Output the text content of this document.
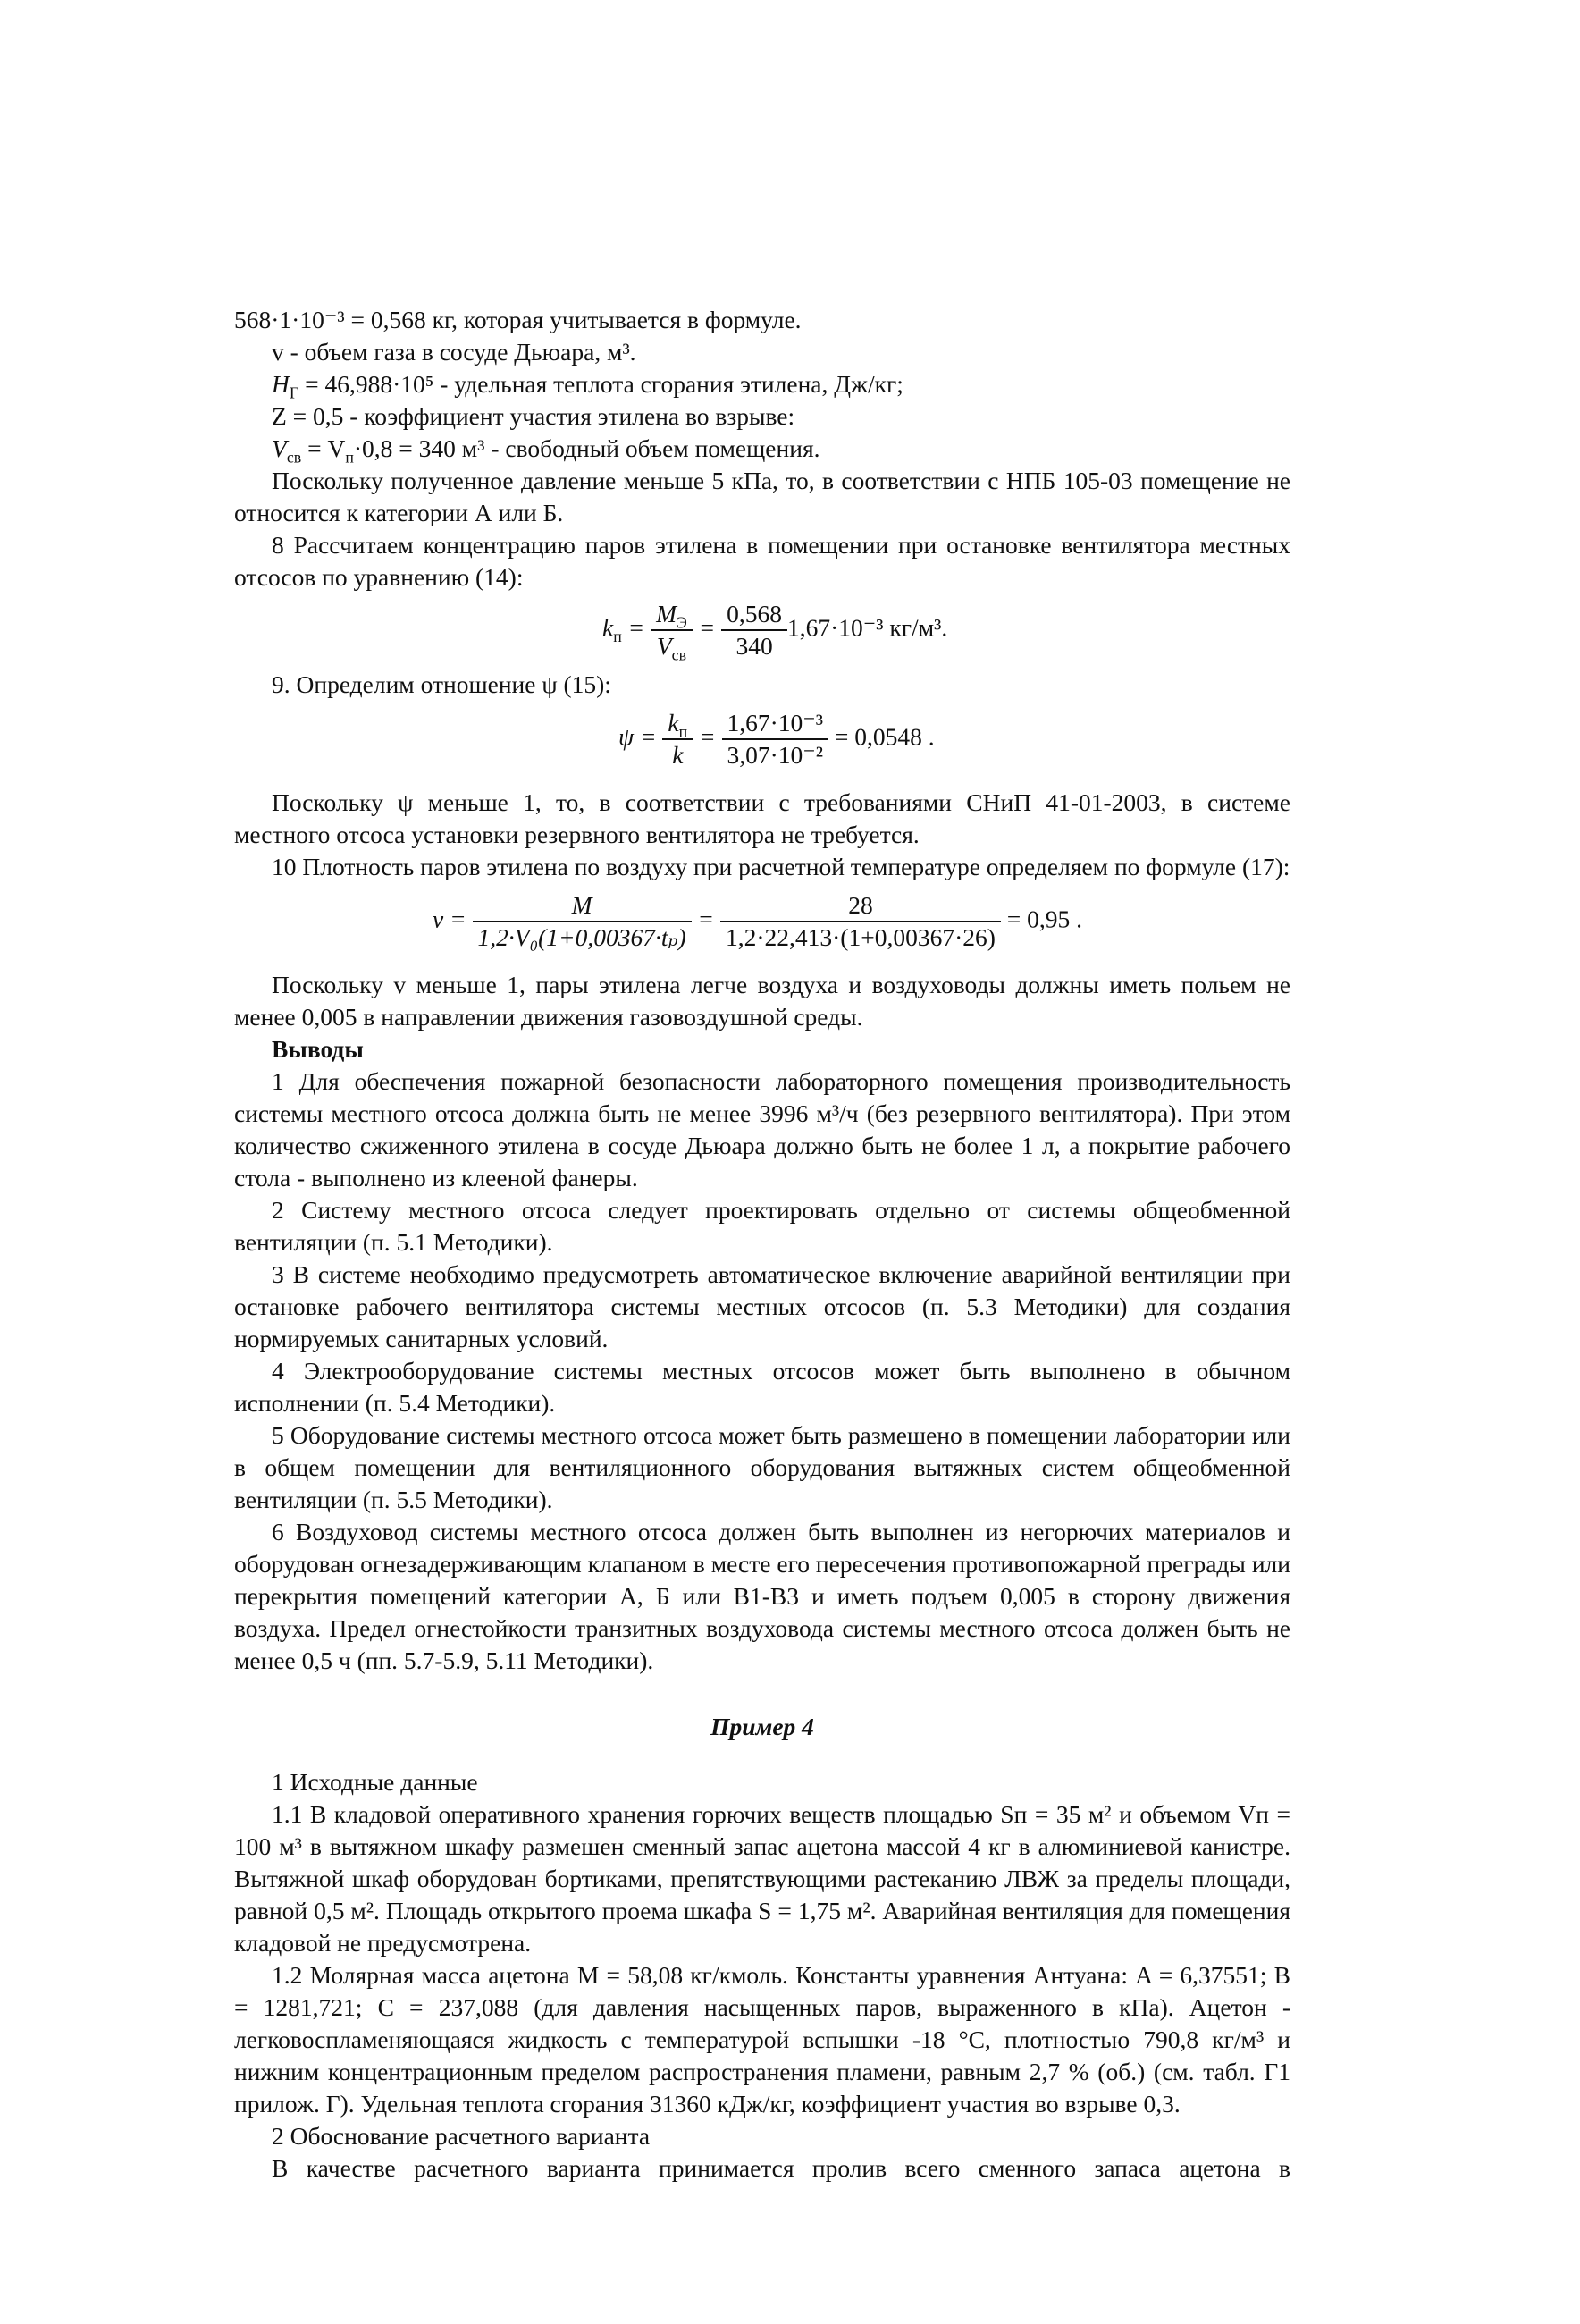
568·1·10⁻³ = 0,568 кг, которая учитывается в формуле.
v - объем газа в сосуде Дьюара, м³.
$H_Г = 46,988\cdot 10^5$ - удельная теплота сгорания этилена, Дж/кг;
Z = 0,5 - коэффициент участия этилена во взрыве:
$V_{св} = V_п\cdot 0,8 = 340$ м³ - свободный объем помещения.
Поскольку полученное давление меньше 5 кПа, то, в соответствии с НПБ 105-03 помещение не относится к категории А или Б.
8 Рассчитаем концентрацию паров этилена в помещении при остановке вентилятора местных отсосов по уравнению (14):
$k_п = \frac{M_Э}{V_{св}} = \frac{0,568}{340} 1,67\cdot 10^{-3}$ кг/м³.
9. Определим отношение ψ (15):
$\psi = \frac{k_п}{k} = \frac{\text{1,67·10⁻³}}{\text{3,07·10⁻²}} = 0,0548$ .
Поскольку ψ меньше 1, то, в соответствии с требованиями СНиП 41-01-2003, в системе местного отсоса установки резервного вентилятора не требуется.
10 Плотность паров этилена по воздуху при расчетной температуре определяем по формуле (17):
$v = \frac{M}{\text{1,2·V₀(1+0,00367·tₚ)}} = \frac{28}{1,2\cdot 22,413\cdot(1+0,00367\cdot 26)} = 0,95$ .
Поскольку v меньше 1, пары этилена легче воздуха и воздуховоды должны иметь польем не менее 0,005 в направлении движения газовоздушной среды.
Выводы
1 Для обеспечения пожарной безопасности лабораторного помещения производительность системы местного отсоса должна быть не менее 3996 м³/ч (без резервного вентилятора). При этом количество сжиженного этилена в сосуде Дьюара должно быть не более 1 л, а покрытие рабочего стола - выполнено из клееной фанеры.
2 Систему местного отсоса следует проектировать отдельно от системы общеобменной вентиляции (п. 5.1 Методики).
3 В системе необходимо предусмотреть автоматическое включение аварийной вентиляции при остановке рабочего вентилятора системы местных отсосов (п. 5.3 Методики) для создания нормируемых санитарных условий.
4 Электрооборудование системы местных отсосов может быть выполнено в обычном исполнении (п. 5.4 Методики).
5 Оборудование системы местного отсоса может быть размешено в помещении лаборатории или в общем помещении для вентиляционного оборудования вытяжных систем общеобменной вентиляции (п. 5.5 Методики).
6 Воздуховод системы местного отсоса должен быть выполнен из негорючих материалов и оборудован огнезадерживающим клапаном в месте его пересечения противопожарной преграды или перекрытия помещений категории А, Б или В1-В3 и иметь подъем 0,005 в сторону движения воздуха. Предел огнестойкости транзитных воздуховода системы местного отсоса должен быть не менее 0,5 ч (пп. 5.7-5.9, 5.11 Методики).
Пример 4
1 Исходные данные
1.1 В кладовой оперативного хранения горючих веществ площадью Sп = 35 м² и объемом Vп = 100 м³ в вытяжном шкафу размешен сменный запас ацетона массой 4 кг в алюминиевой канистре. Вытяжной шкаф оборудован бортиками, препятствующими растеканию ЛВЖ за пределы площади, равной 0,5 м². Площадь открытого проема шкафа S = 1,75 м². Аварийная вентиляция для помещения кладовой не предусмотрена.
1.2 Молярная масса ацетона M = 58,08 кг/кмоль. Константы уравнения Антуана: A = 6,37551; B = 1281,721; C = 237,088 (для давления насыщенных паров, выраженного в кПа). Ацетон - легковоспламеняющаяся жидкость с температурой вспышки -18 °С, плотностью 790,8 кг/м³ и нижним концентрационным пределом распространения пламени, равным 2,7 % (об.) (см. табл. Г1 прилож. Г). Удельная теплота сгорания 31360 кДж/кг, коэффициент участия во взрыве 0,3.
2 Обоснование расчетного варианта
В качестве расчетного варианта принимается пролив всего сменного запаса ацетона в
